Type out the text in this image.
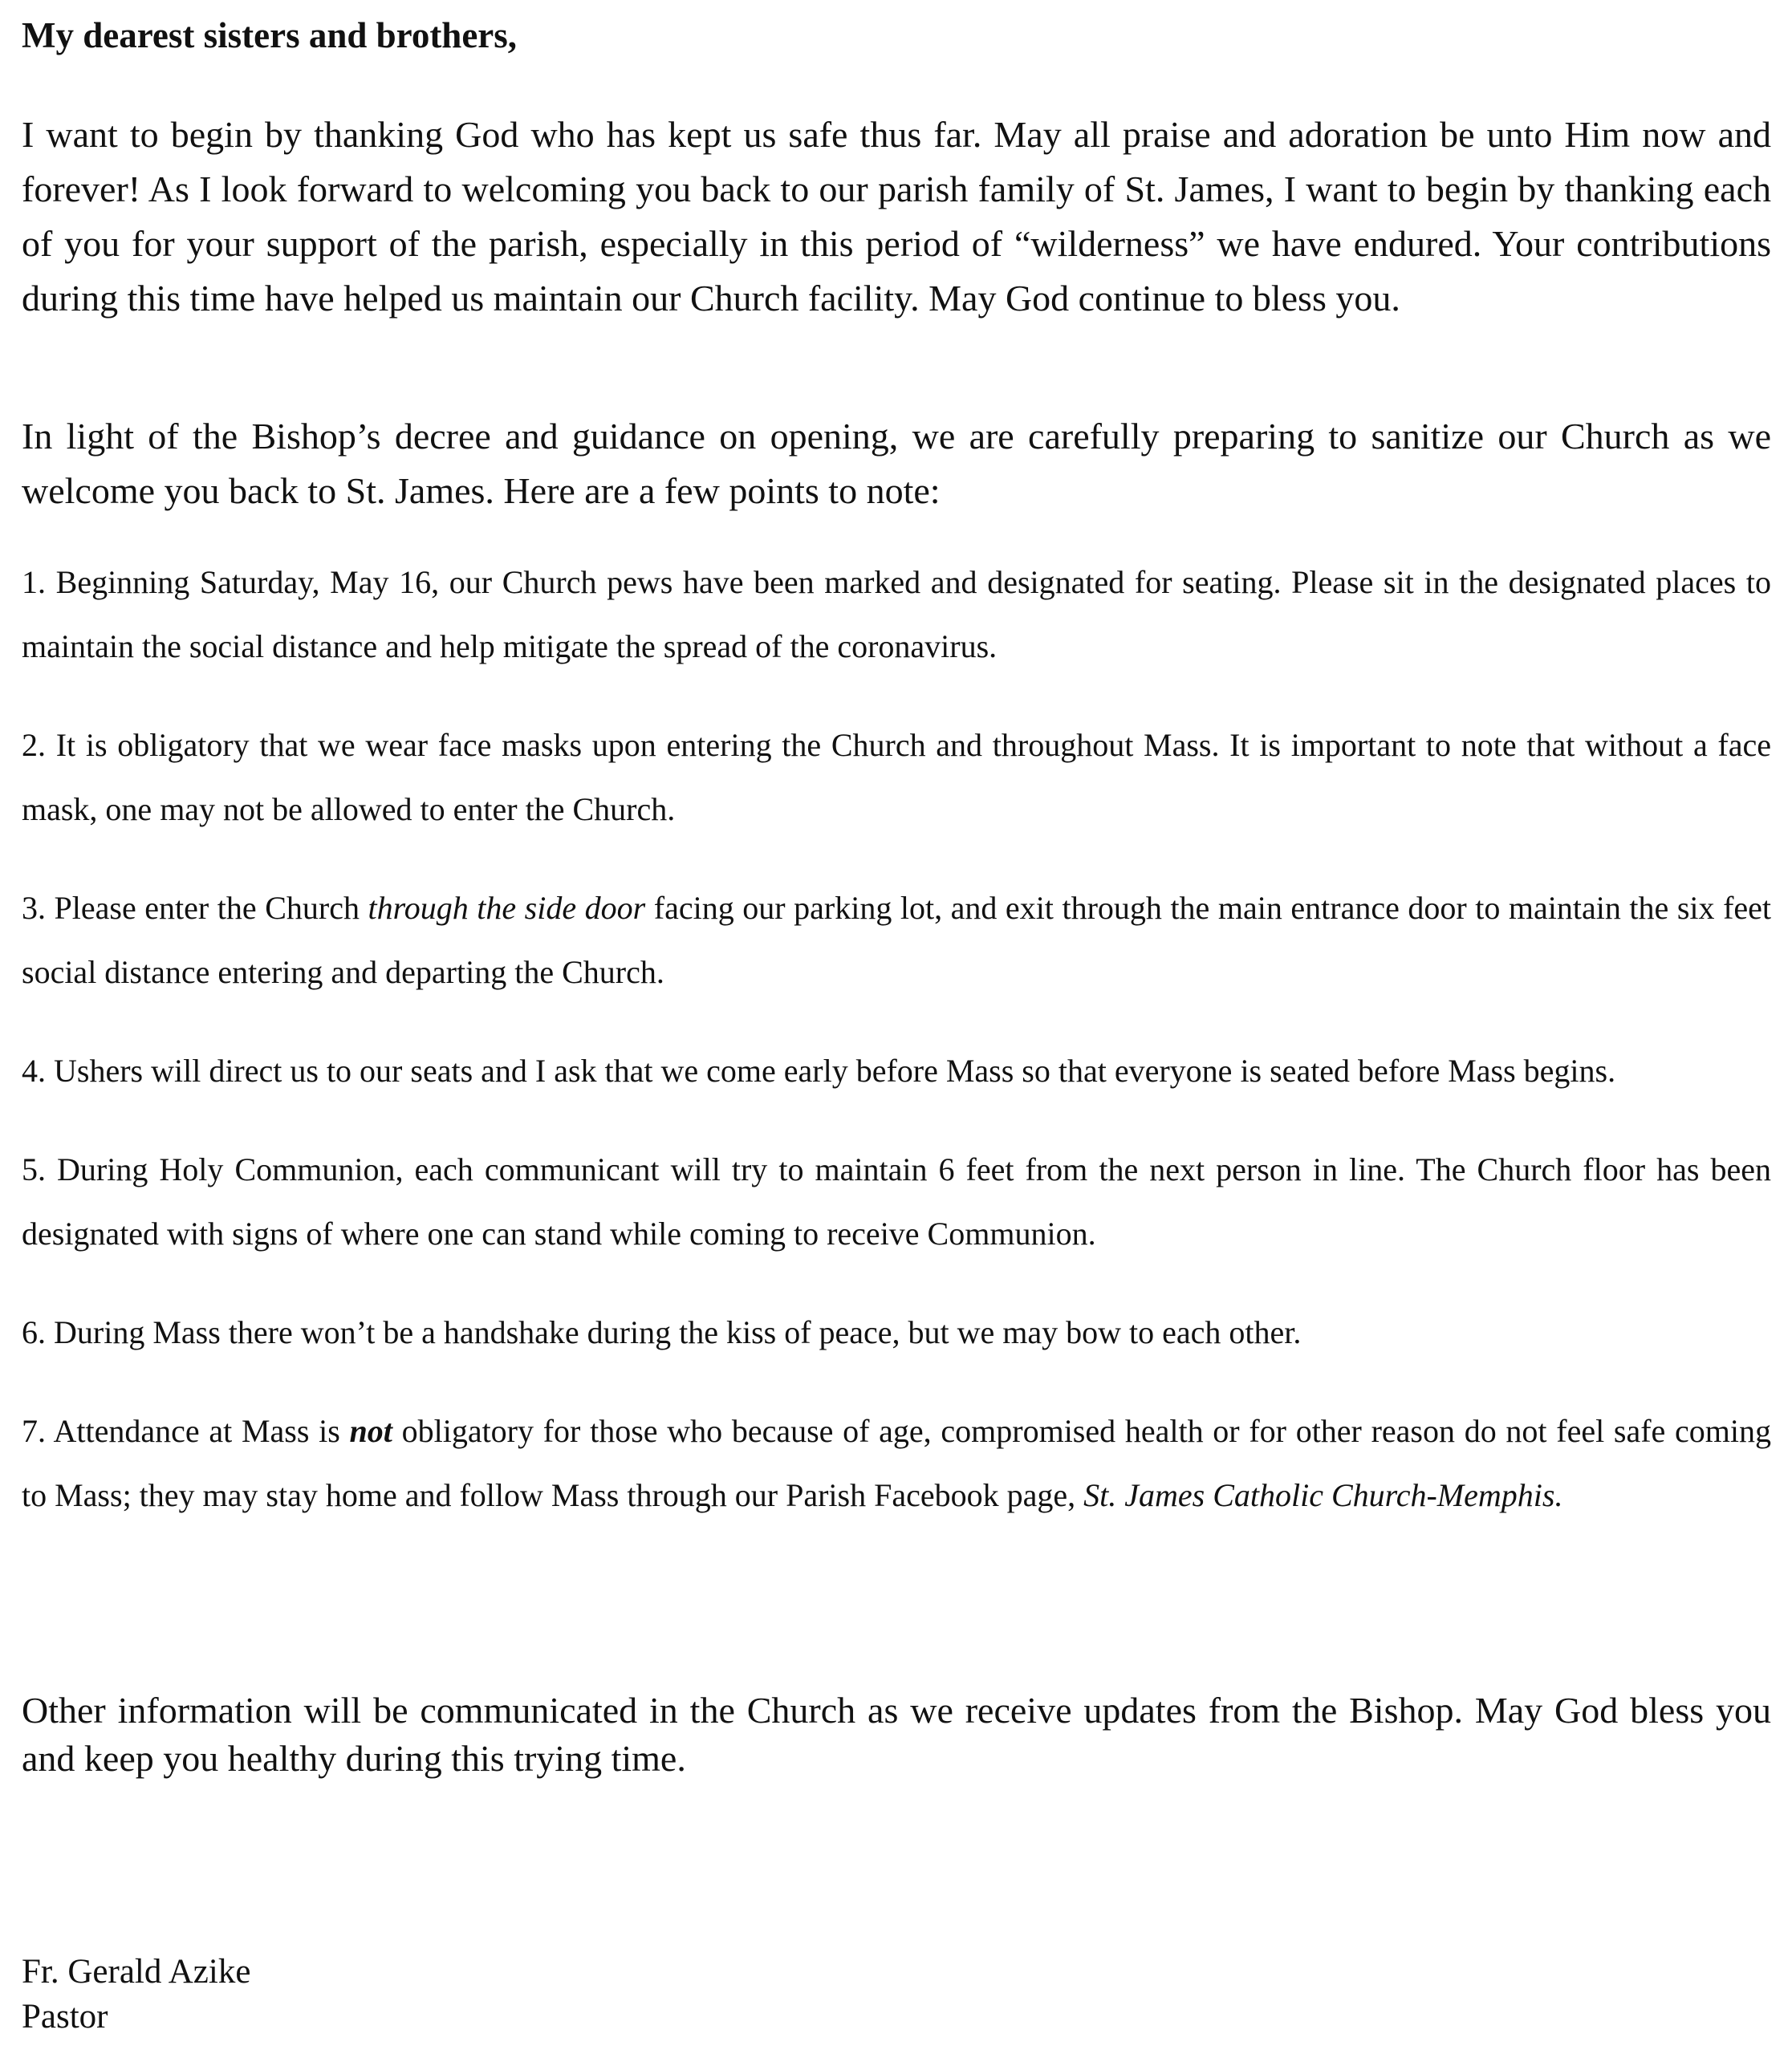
My dearest sisters and brothers,

I want to begin by thanking God who has kept us safe thus far. May all praise and adoration be unto Him now and forever! As I look forward to welcoming you back to our parish family of St. James, I want to begin by thanking each of you for your support of the parish, especially in this period of “wilderness” we have endured. Your contributions during this time have helped us maintain our Church facility. May God continue to bless you.

In light of the Bishop’s decree and guidance on opening, we are carefully preparing to sanitize our Church as we welcome you back to St. James. Here are a few points to note:

1. Beginning Saturday, May 16, our Church pews have been marked and designated for seating. Please sit in the designated places to maintain the social distance and help mitigate the spread of the coronavirus.
2. It is obligatory that we wear face masks upon entering the Church and throughout Mass. It is important to note that without a face mask, one may not be allowed to enter the Church.
3. Please enter the Church through the side door facing our parking lot, and exit through the main entrance door to maintain the six feet social distance entering and departing the Church.
4. Ushers will direct us to our seats and I ask that we come early before Mass so that everyone is seated before Mass begins.
5. During Holy Communion, each communicant will try to maintain 6 feet from the next person in line. The Church floor has been designated with signs of where one can stand while coming to receive Communion.
6. During Mass there won’t be a handshake during the kiss of peace, but we may bow to each other.
7. Attendance at Mass is not obligatory for those who because of age, compromised health or for other reason do not feel safe coming to Mass; they may stay home and follow Mass through our Parish Facebook page, St. James Catholic Church-Memphis.

Other information will be communicated in the Church as we receive updates from the Bishop. May God bless you and keep you healthy during this trying time.

Fr. Gerald Azike
Pastor
